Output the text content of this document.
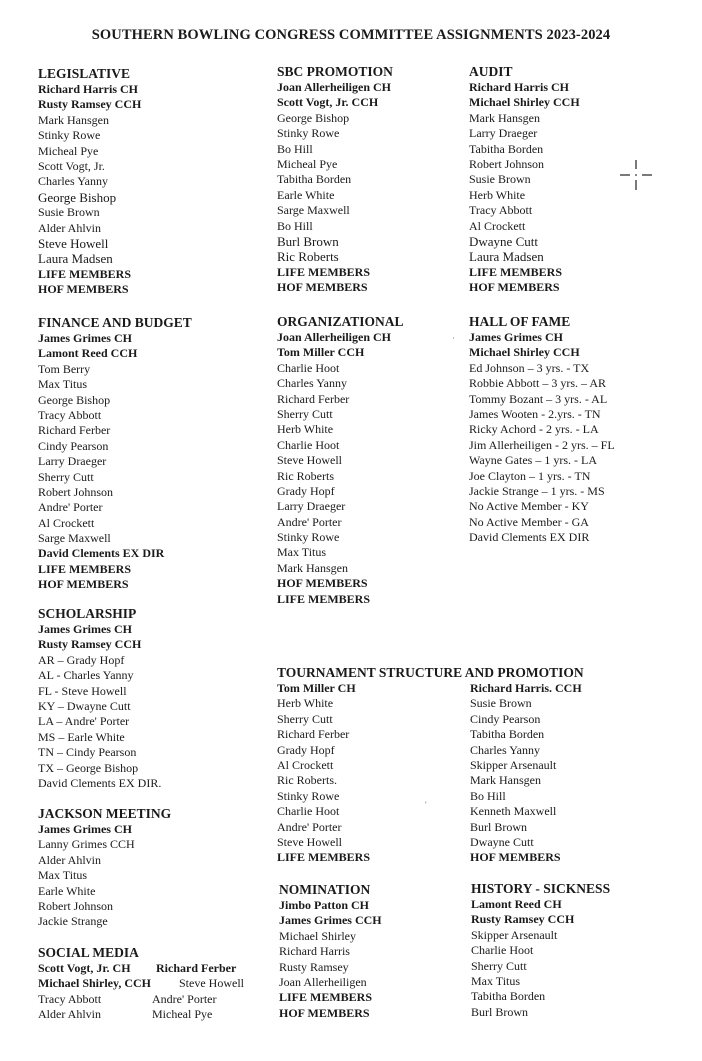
SOUTHERN BOWLING CONGRESS COMMITTEE ASSIGNMENTS 2023-2024
LEGISLATIVE
Richard Harris CH
Rusty Ramsey CCH
Mark Hansgen
Stinky Rowe
Micheal Pye
Scott Vogt, Jr.
Charles Yanny
George Bishop
Susie Brown
Alder Ahlvin
Steve Howell
Laura Madsen
LIFE MEMBERS
HOF MEMBERS
FINANCE AND BUDGET
James Grimes CH
Lamont Reed CCH
Tom Berry
Max Titus
George Bishop
Tracy Abbott
Richard Ferber
Cindy Pearson
Larry Draeger
Sherry Cutt
Robert Johnson
Andre' Porter
Al Crockett
Sarge Maxwell
David Clements EX DIR
LIFE MEMBERS
HOF MEMBERS
SCHOLARSHIP
James Grimes CH
Rusty Ramsey CCH
AR – Grady Hopf
AL - Charles Yanny
FL - Steve Howell
KY – Dwayne Cutt
LA – Andre' Porter
MS – Earle White
TN – Cindy Pearson
TX – George Bishop
David Clements EX DIR.
JACKSON MEETING
James Grimes CH
Lanny Grimes CCH
Alder Ahlvin
Max Titus
Earle White
Robert Johnson
Jackie Strange
SOCIAL MEDIA
Scott Vogt, Jr. CH Richard Ferber
Michael Shirley, CCH Steve Howell
Tracy Abbott	Andre' Porter
Alder Ahlvin	Micheal Pye
SBC PROMOTION
Joan Allerheiligen CH
Scott Vogt, Jr. CCH
George Bishop
Stinky Rowe
Bo Hill
Micheal Pye
Tabitha Borden
Earle White
Sarge Maxwell
Bo Hill
Burl Brown
Ric Roberts
LIFE MEMBERS
HOF MEMBERS
ORGANIZATIONAL
Joan Allerheiligen CH
Tom Miller CCH
Charlie Hoot
Charles Yanny
Richard Ferber
Sherry Cutt
Herb White
Charlie Hoot
Steve Howell
Ric Roberts
Grady Hopf
Larry Draeger
Andre' Porter
Stinky Rowe
Max Titus
Mark Hansgen
HOF MEMBERS
LIFE MEMBERS
TOURNAMENT STRUCTURE AND PROMOTION
Tom Miller CH
Herb White
Sherry Cutt
Richard Ferber
Grady Hopf
Al Crockett
Ric Roberts.
Stinky Rowe
Charlie Hoot
Andre' Porter
Steve Howell
LIFE MEMBERS
Richard Harris. CCH
Susie Brown
Cindy Pearson
Tabitha Borden
Charles Yanny
Skipper Arsenault
Mark Hansgen
Bo Hill
Kenneth Maxwell
Burl Brown
Dwayne Cutt
HOF MEMBERS
NOMINATION
Jimbo Patton CH
James Grimes CCH
Michael Shirley
Richard Harris
Rusty Ramsey
Joan Allerheiligen
LIFE MEMBERS
HOF MEMBERS
AUDIT
Richard Harris CH
Michael Shirley CCH
Mark Hansgen
Larry Draeger
Tabitha Borden
Robert Johnson
Susie Brown
Herb White
Tracy Abbott
Al Crockett
Dwayne Cutt
Laura Madsen
LIFE MEMBERS
HOF MEMBERS
HALL OF FAME
James Grimes CH
Michael Shirley CCH
Ed Johnson – 3 yrs. - TX
Robbie Abbott – 3 yrs. – AR
Tommy Bozant – 3 yrs. - AL
James Wooten - 2.yrs. - TN
Ricky Achord - 2 yrs. - LA
Jim Allerheiligen - 2 yrs. – FL
Wayne Gates – 1 yrs. - LA
Joe Clayton – 1 yrs. - TN
Jackie Strange – 1 yrs. - MS
No Active Member - KY
No Active Member - GA
David Clements EX DIR
HISTORY - SICKNESS
Lamont Reed CH
Rusty Ramsey CCH
Skipper Arsenault
Charlie Hoot
Sherry Cutt
Max Titus
Tabitha Borden
Burl Brown
·
'
